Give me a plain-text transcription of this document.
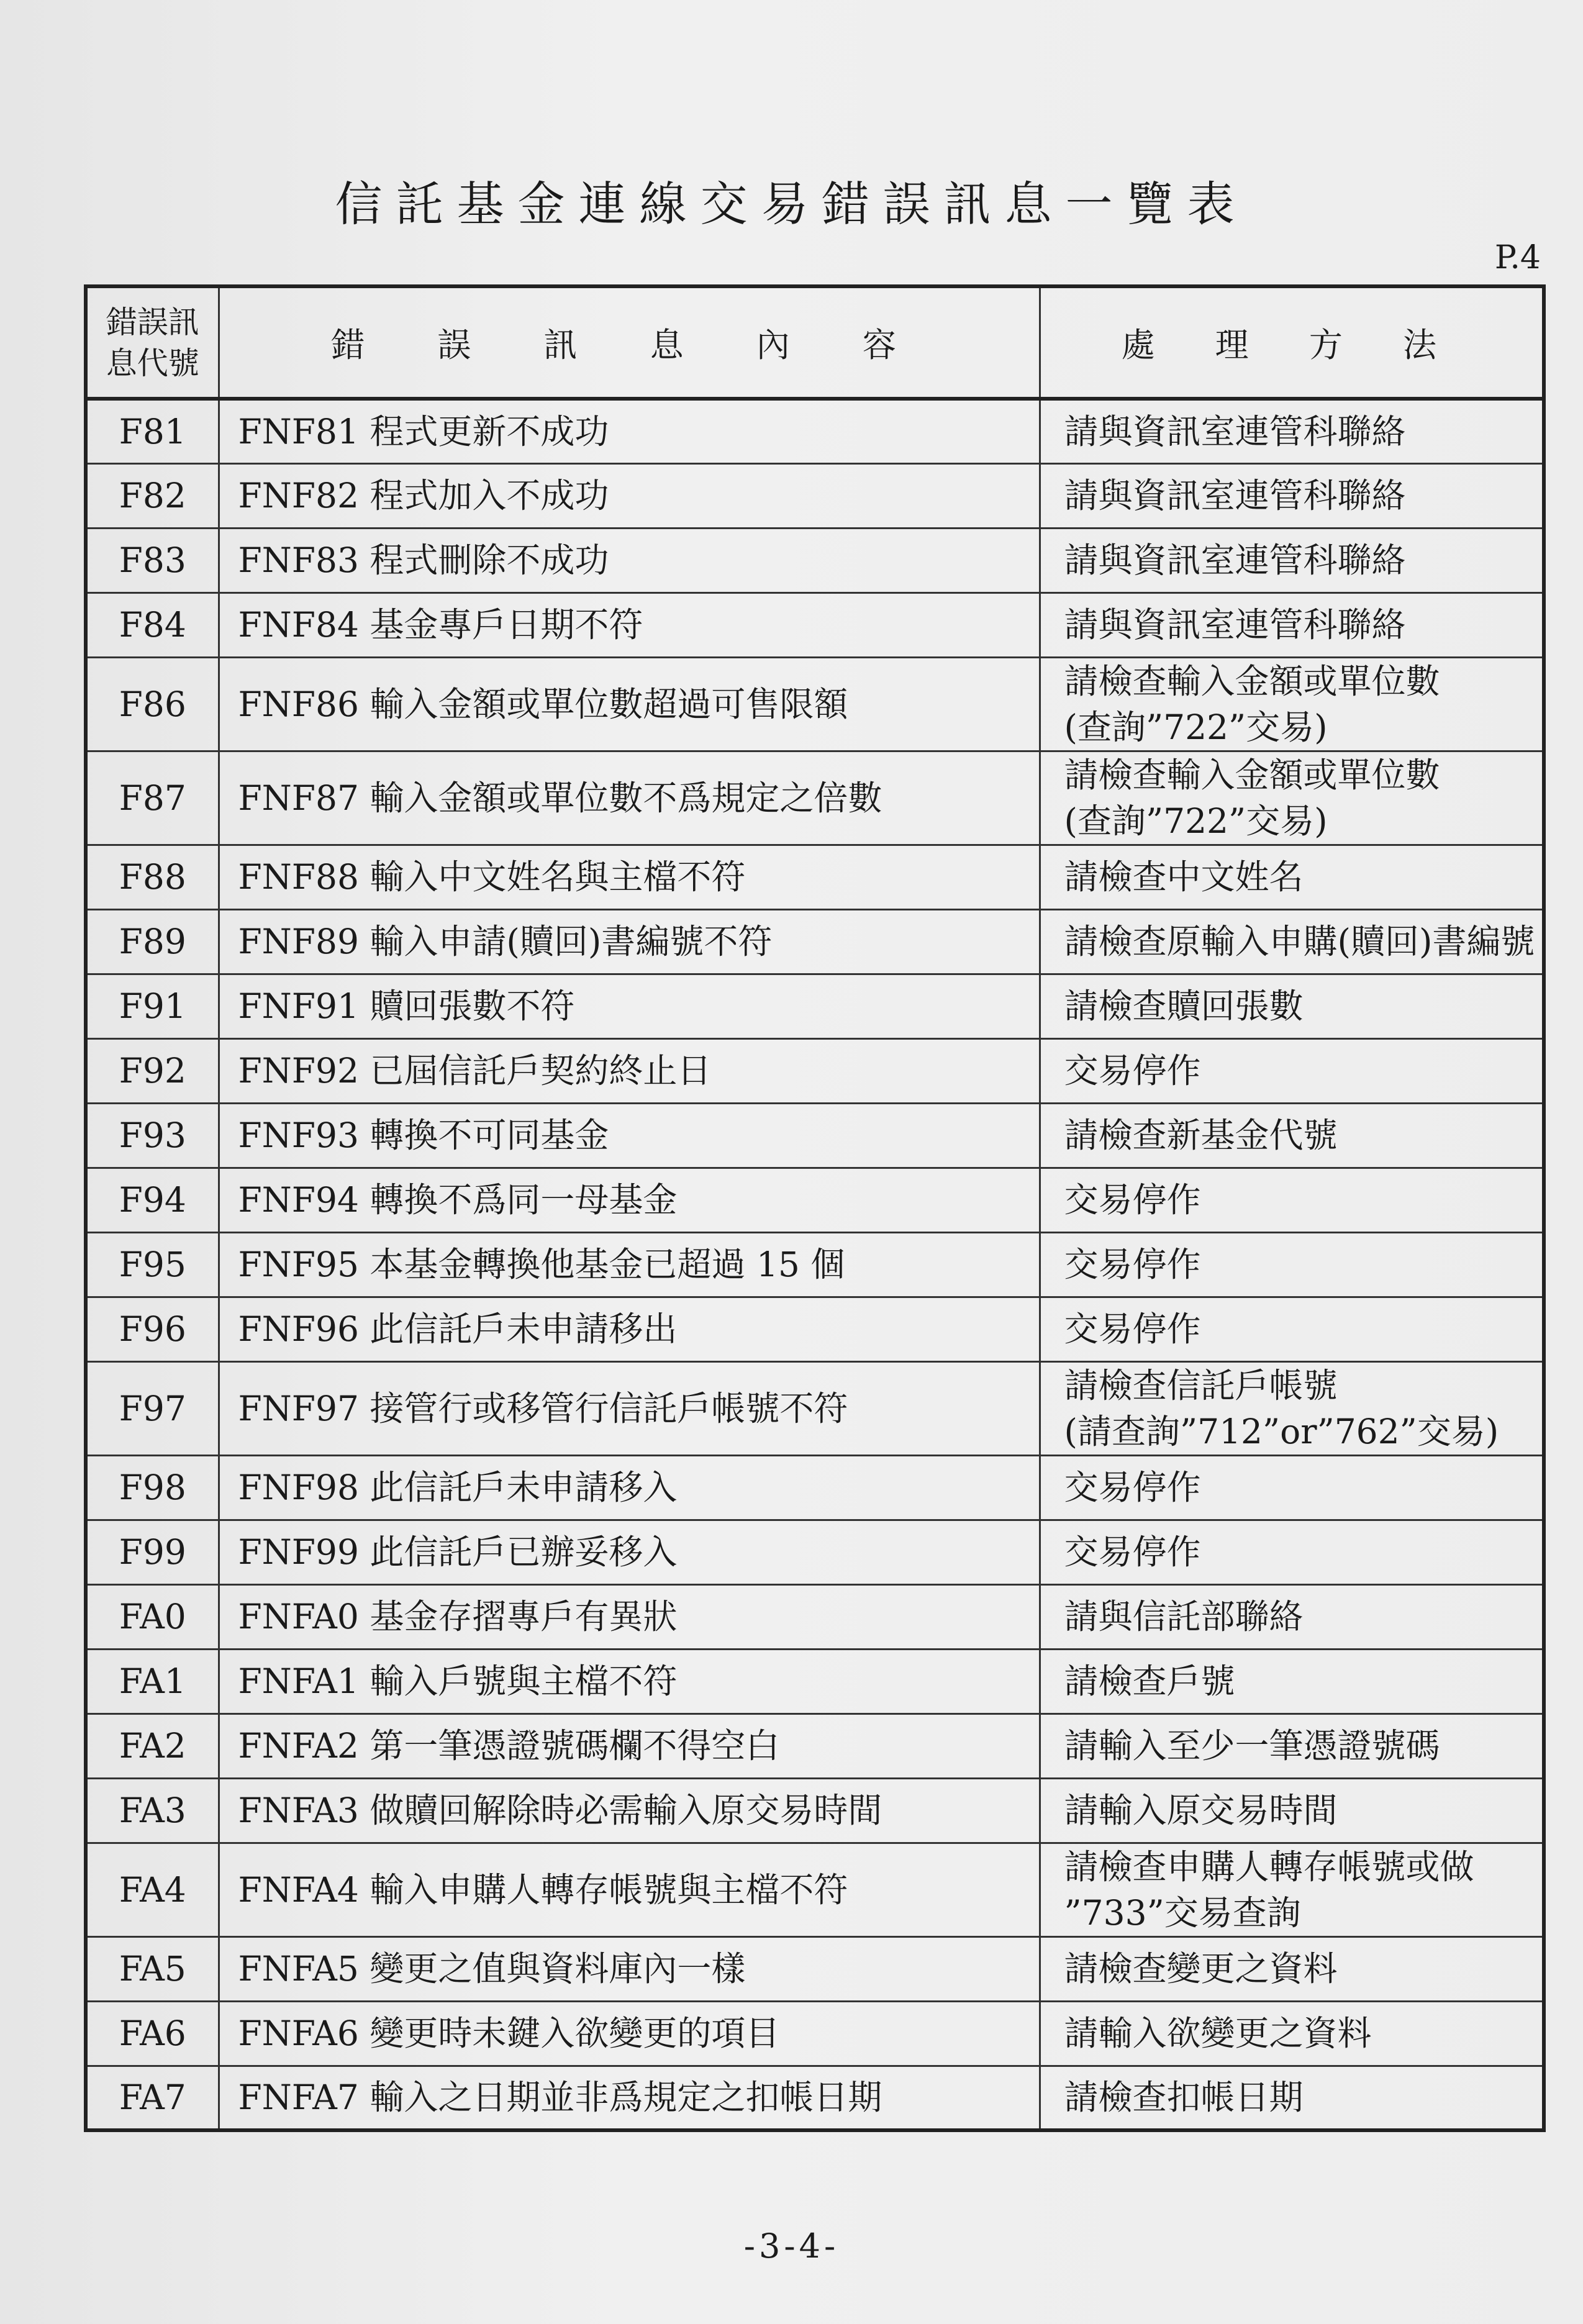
信託基金連線交易錯誤訊息一覽表
P.4
錯誤訊
息代號	錯 誤 訊 息 內 容	處 理 方 法
F81	FNF81 程式更新不成功	請與資訊室連管科聯絡
F82	FNF82 程式加入不成功	請與資訊室連管科聯絡
F83	FNF83 程式刪除不成功	請與資訊室連管科聯絡
F84	FNF84 基金專戶日期不符	請與資訊室連管科聯絡
F86	FNF86 輸入金額或單位數超過可售限額	請檢查輸入金額或單位數
(查詢”722”交易)
F87	FNF87 輸入金額或單位數不爲規定之倍數	請檢查輸入金額或單位數
(查詢”722”交易)
F88	FNF88 輸入中文姓名與主檔不符	請檢查中文姓名
F89	FNF89 輸入申請(贖回)書編號不符	請檢查原輸入申購(贖回)書編號
F91	FNF91 贖回張數不符	請檢查贖回張數
F92	FNF92 已屆信託戶契約終止日	交易停作
F93	FNF93 轉換不可同基金	請檢查新基金代號
F94	FNF94 轉換不爲同一母基金	交易停作
F95	FNF95 本基金轉換他基金已超過 15 個	交易停作
F96	FNF96 此信託戶未申請移出	交易停作
F97	FNF97 接管行或移管行信託戶帳號不符	請檢查信託戶帳號
(請查詢”712”or”762”交易)
F98	FNF98 此信託戶未申請移入	交易停作
F99	FNF99 此信託戶已辦妥移入	交易停作
FA0	FNFA0 基金存摺專戶有異狀	請與信託部聯絡
FA1	FNFA1 輸入戶號與主檔不符	請檢查戶號
FA2	FNFA2 第一筆憑證號碼欄不得空白	請輸入至少一筆憑證號碼
FA3	FNFA3 做贖回解除時必需輸入原交易時間	請輸入原交易時間
FA4	FNFA4 輸入申購人轉存帳號與主檔不符	請檢查申購人轉存帳號或做
”733”交易查詢
FA5	FNFA5 變更之值與資料庫內一樣	請檢查變更之資料
FA6	FNFA6 變更時未鍵入欲變更的項目	請輸入欲變更之資料
FA7	FNFA7 輸入之日期並非爲規定之扣帳日期	請檢查扣帳日期
-3-4-
